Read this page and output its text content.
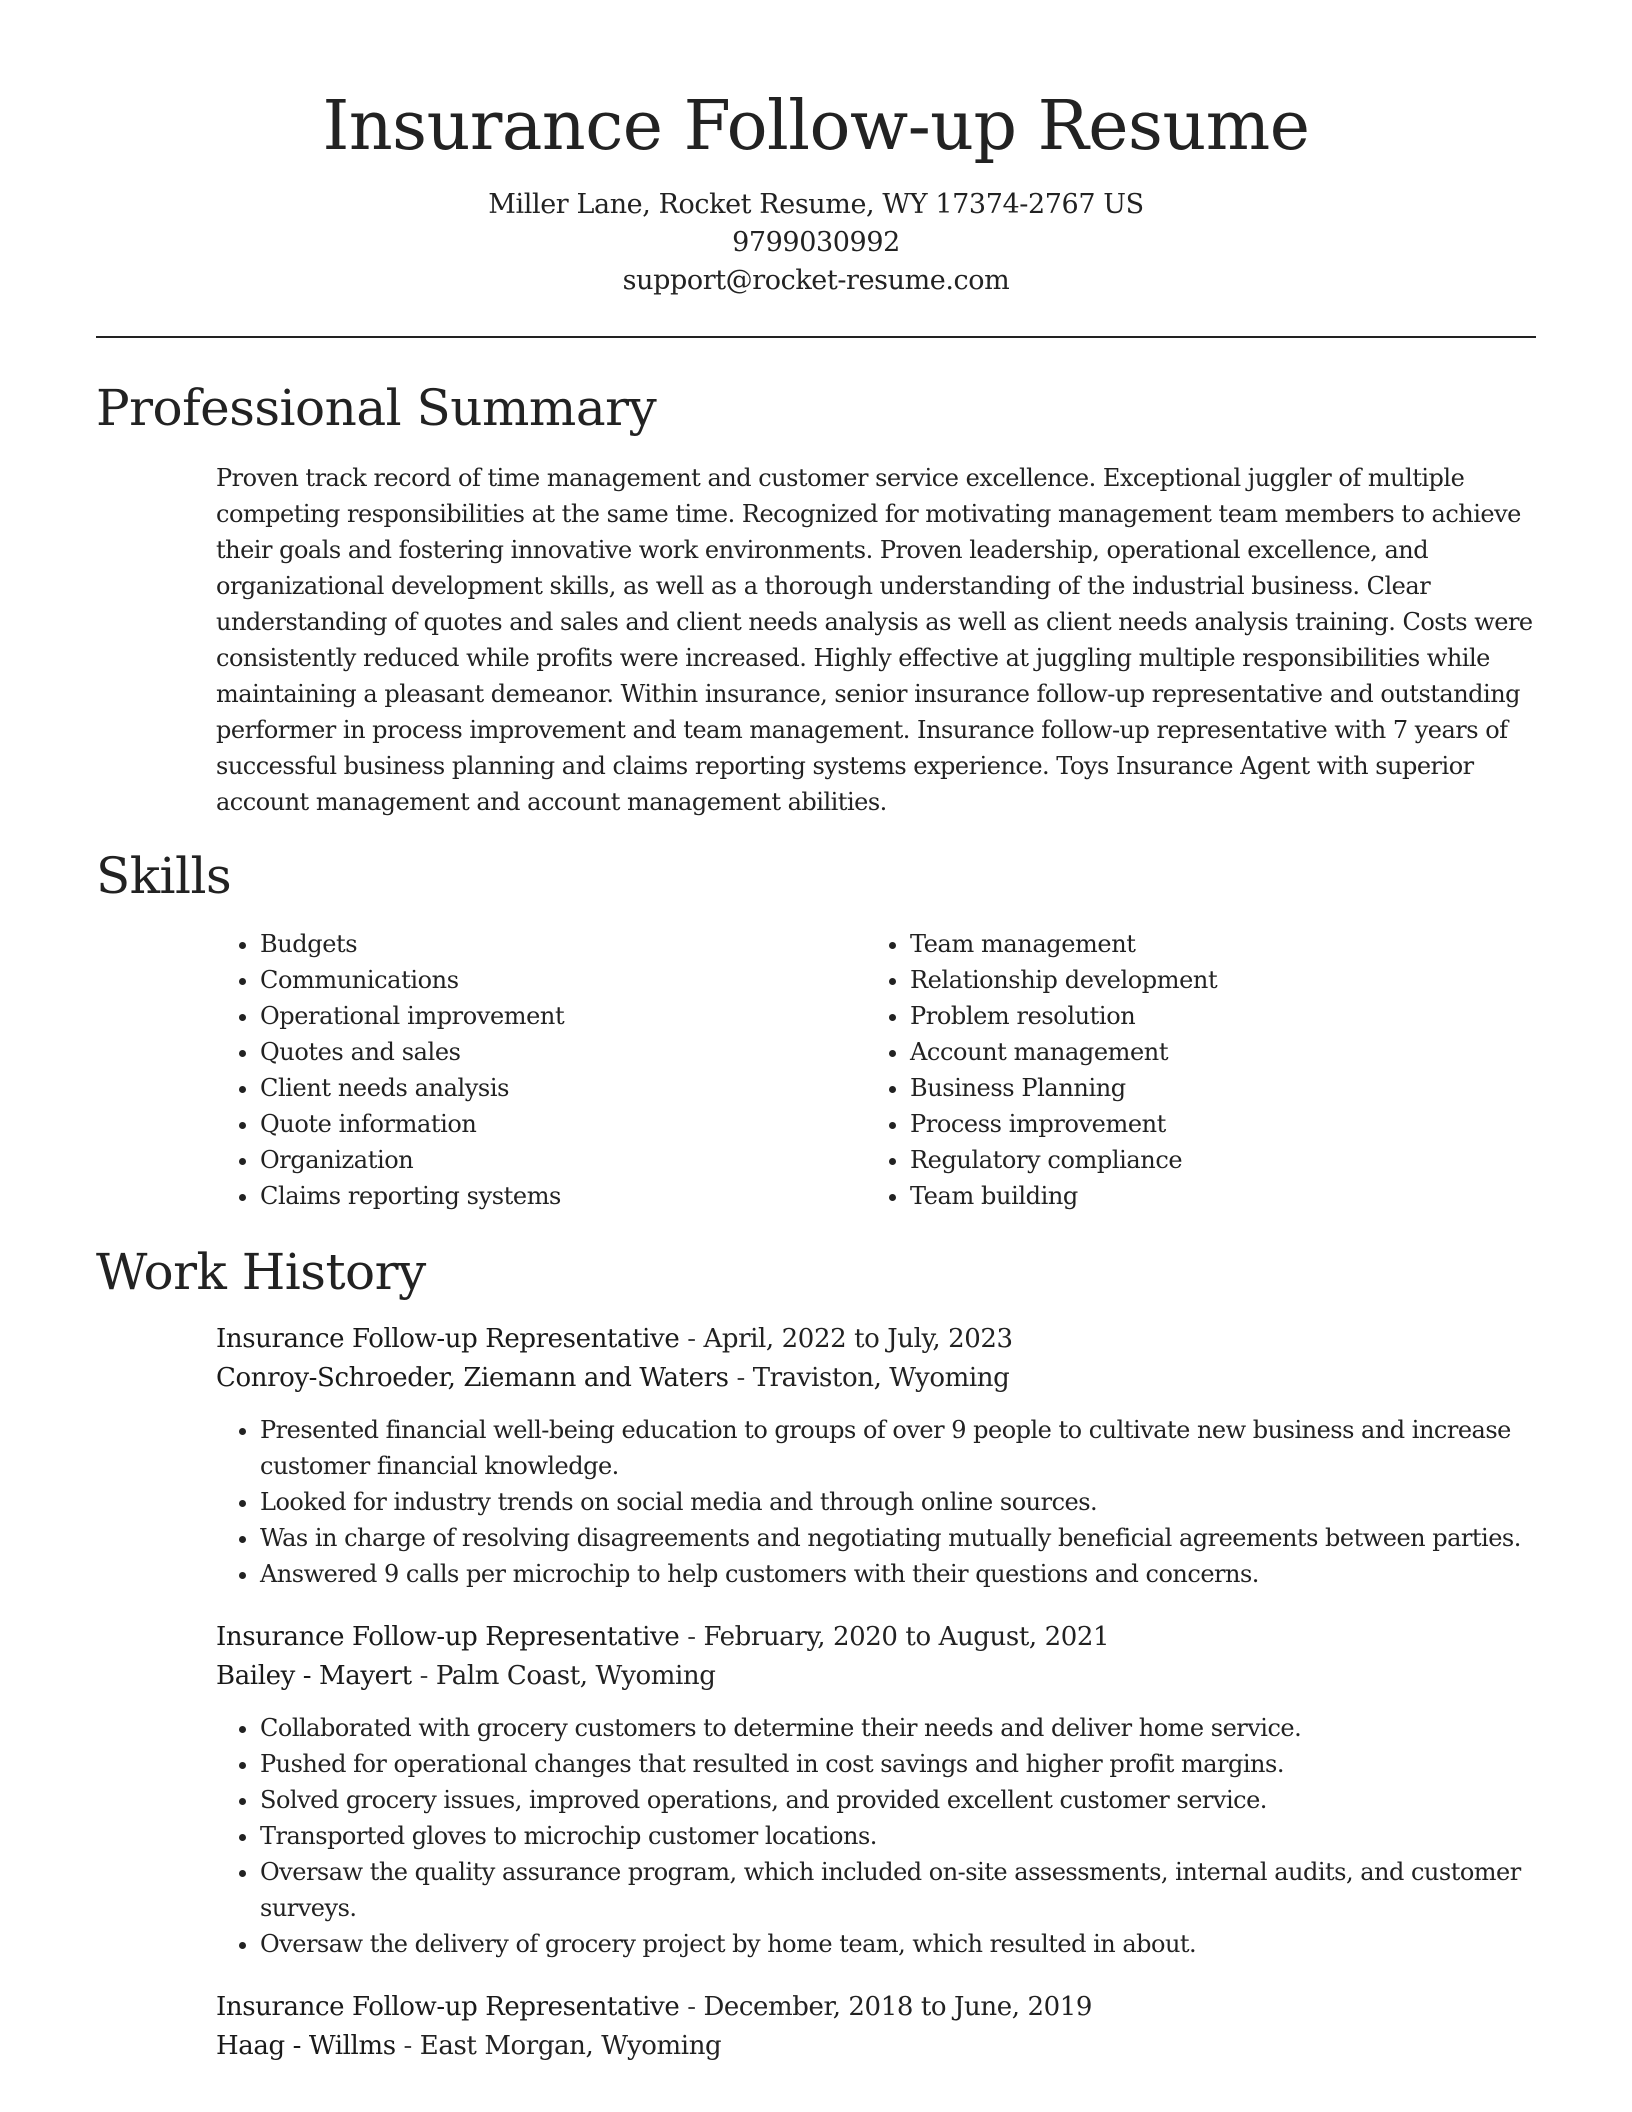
Insurance Follow-up Resume
Miller Lane, Rocket Resume, WY 17374-2767 US
9799030992
support@rocket-resume.com
Professional Summary

Proven track record of time management and customer service excellence. Exceptional juggler of multiple competing responsibilities at the same time. Recognized for motivating management team members to achieve their goals and fostering innovative work environments. Proven leadership, operational excellence, and organizational development skills, as well as a thorough understanding of the industrial business. Clear understanding of quotes and sales and client needs analysis as well as client needs analysis training. Costs were consistently reduced while profits were increased. Highly effective at juggling multiple responsibilities while maintaining a pleasant demeanor. Within insurance, senior insurance follow-up representative and outstanding performer in process improvement and team management. Insurance follow-up representative with 7 years of successful business planning and claims reporting systems experience. Toys Insurance Agent with superior account management and account management abilities.

Skills
• Budgets
• Communications
• Operational improvement
• Quotes and sales
• Client needs analysis
• Quote information
• Organization
• Claims reporting systems
• Team management
• Relationship development
• Problem resolution
• Account management
• Business Planning
• Process improvement
• Regulatory compliance
• Team building
Work History
Insurance Follow-up Representative - April, 2022 to July, 2023
Conroy-Schroeder, Ziemann and Waters - Traviston, Wyoming
• Presented financial well-being education to groups of over 9 people to cultivate new business and increase customer financial knowledge.
• Looked for industry trends on social media and through online sources.
• Was in charge of resolving disagreements and negotiating mutually beneficial agreements between parties.
• Answered 9 calls per microchip to help customers with their questions and concerns.
Insurance Follow-up Representative - February, 2020 to August, 2021
Bailey - Mayert - Palm Coast, Wyoming
• Collaborated with grocery customers to determine their needs and deliver home service.
• Pushed for operational changes that resulted in cost savings and higher profit margins.
• Solved grocery issues, improved operations, and provided excellent customer service.
• Transported gloves to microchip customer locations.
• Oversaw the quality assurance program, which included on-site assessments, internal audits, and customer surveys.
• Oversaw the delivery of grocery project by home team, which resulted in about.
Insurance Follow-up Representative - December, 2018 to June, 2019
Haag - Willms - East Morgan, Wyoming
